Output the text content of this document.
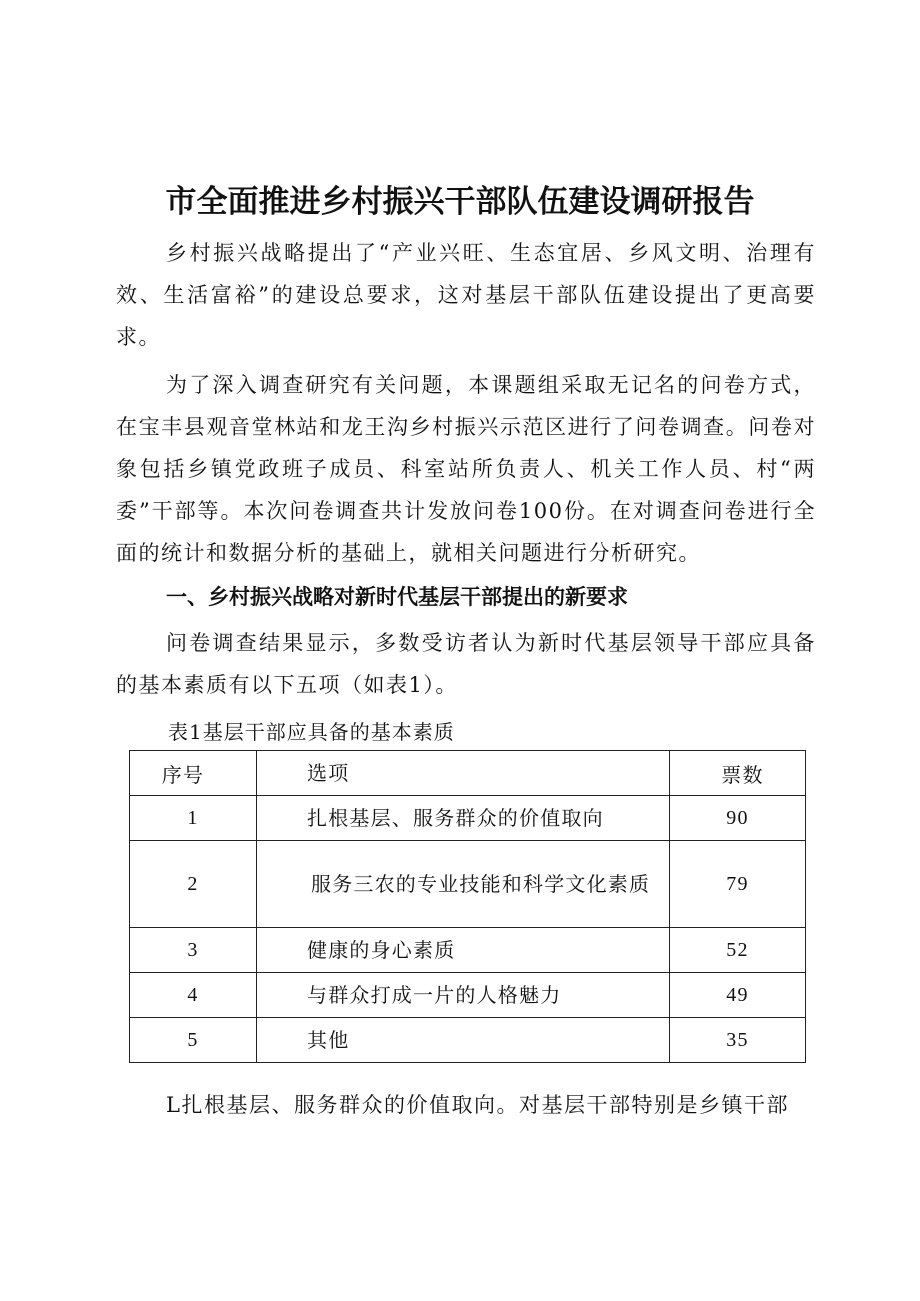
市全面推进乡村振兴干部队伍建设调研报告

乡村振兴战略提出了“产业兴旺、生态宜居、乡风文明、治理有效、生活富裕”的建设总要求，这对基层干部队伍建设提出了更高要求。

为了深入调查研究有关问题，本课题组采取无记名的问卷方式，在宝丰县观音堂林站和龙王沟乡村振兴示范区进行了问卷调查。问卷对象包括乡镇党政班子成员、科室站所负责人、机关工作人员、村“两委”干部等。本次问卷调查共计发放问卷100份。在对调查问卷进行全面的统计和数据分析的基础上，就相关问题进行分析研究。

一、乡村振兴战略对新时代基层干部提出的新要求

问卷调查结果显示，多数受访者认为新时代基层领导干部应具备的基本素质有以下五项（如表1）。

表1基层干部应具备的基本素质

序号	选项	票数
1	扎根基层、服务群众的价值取向	90
2	服务三农的专业技能和科学文化素质	79
3	健康的身心素质	52
4	与群众打成一片的人格魅力	49
5	其他	35

L扎根基层、服务群众的价值取向。对基层干部特别是乡镇干部
